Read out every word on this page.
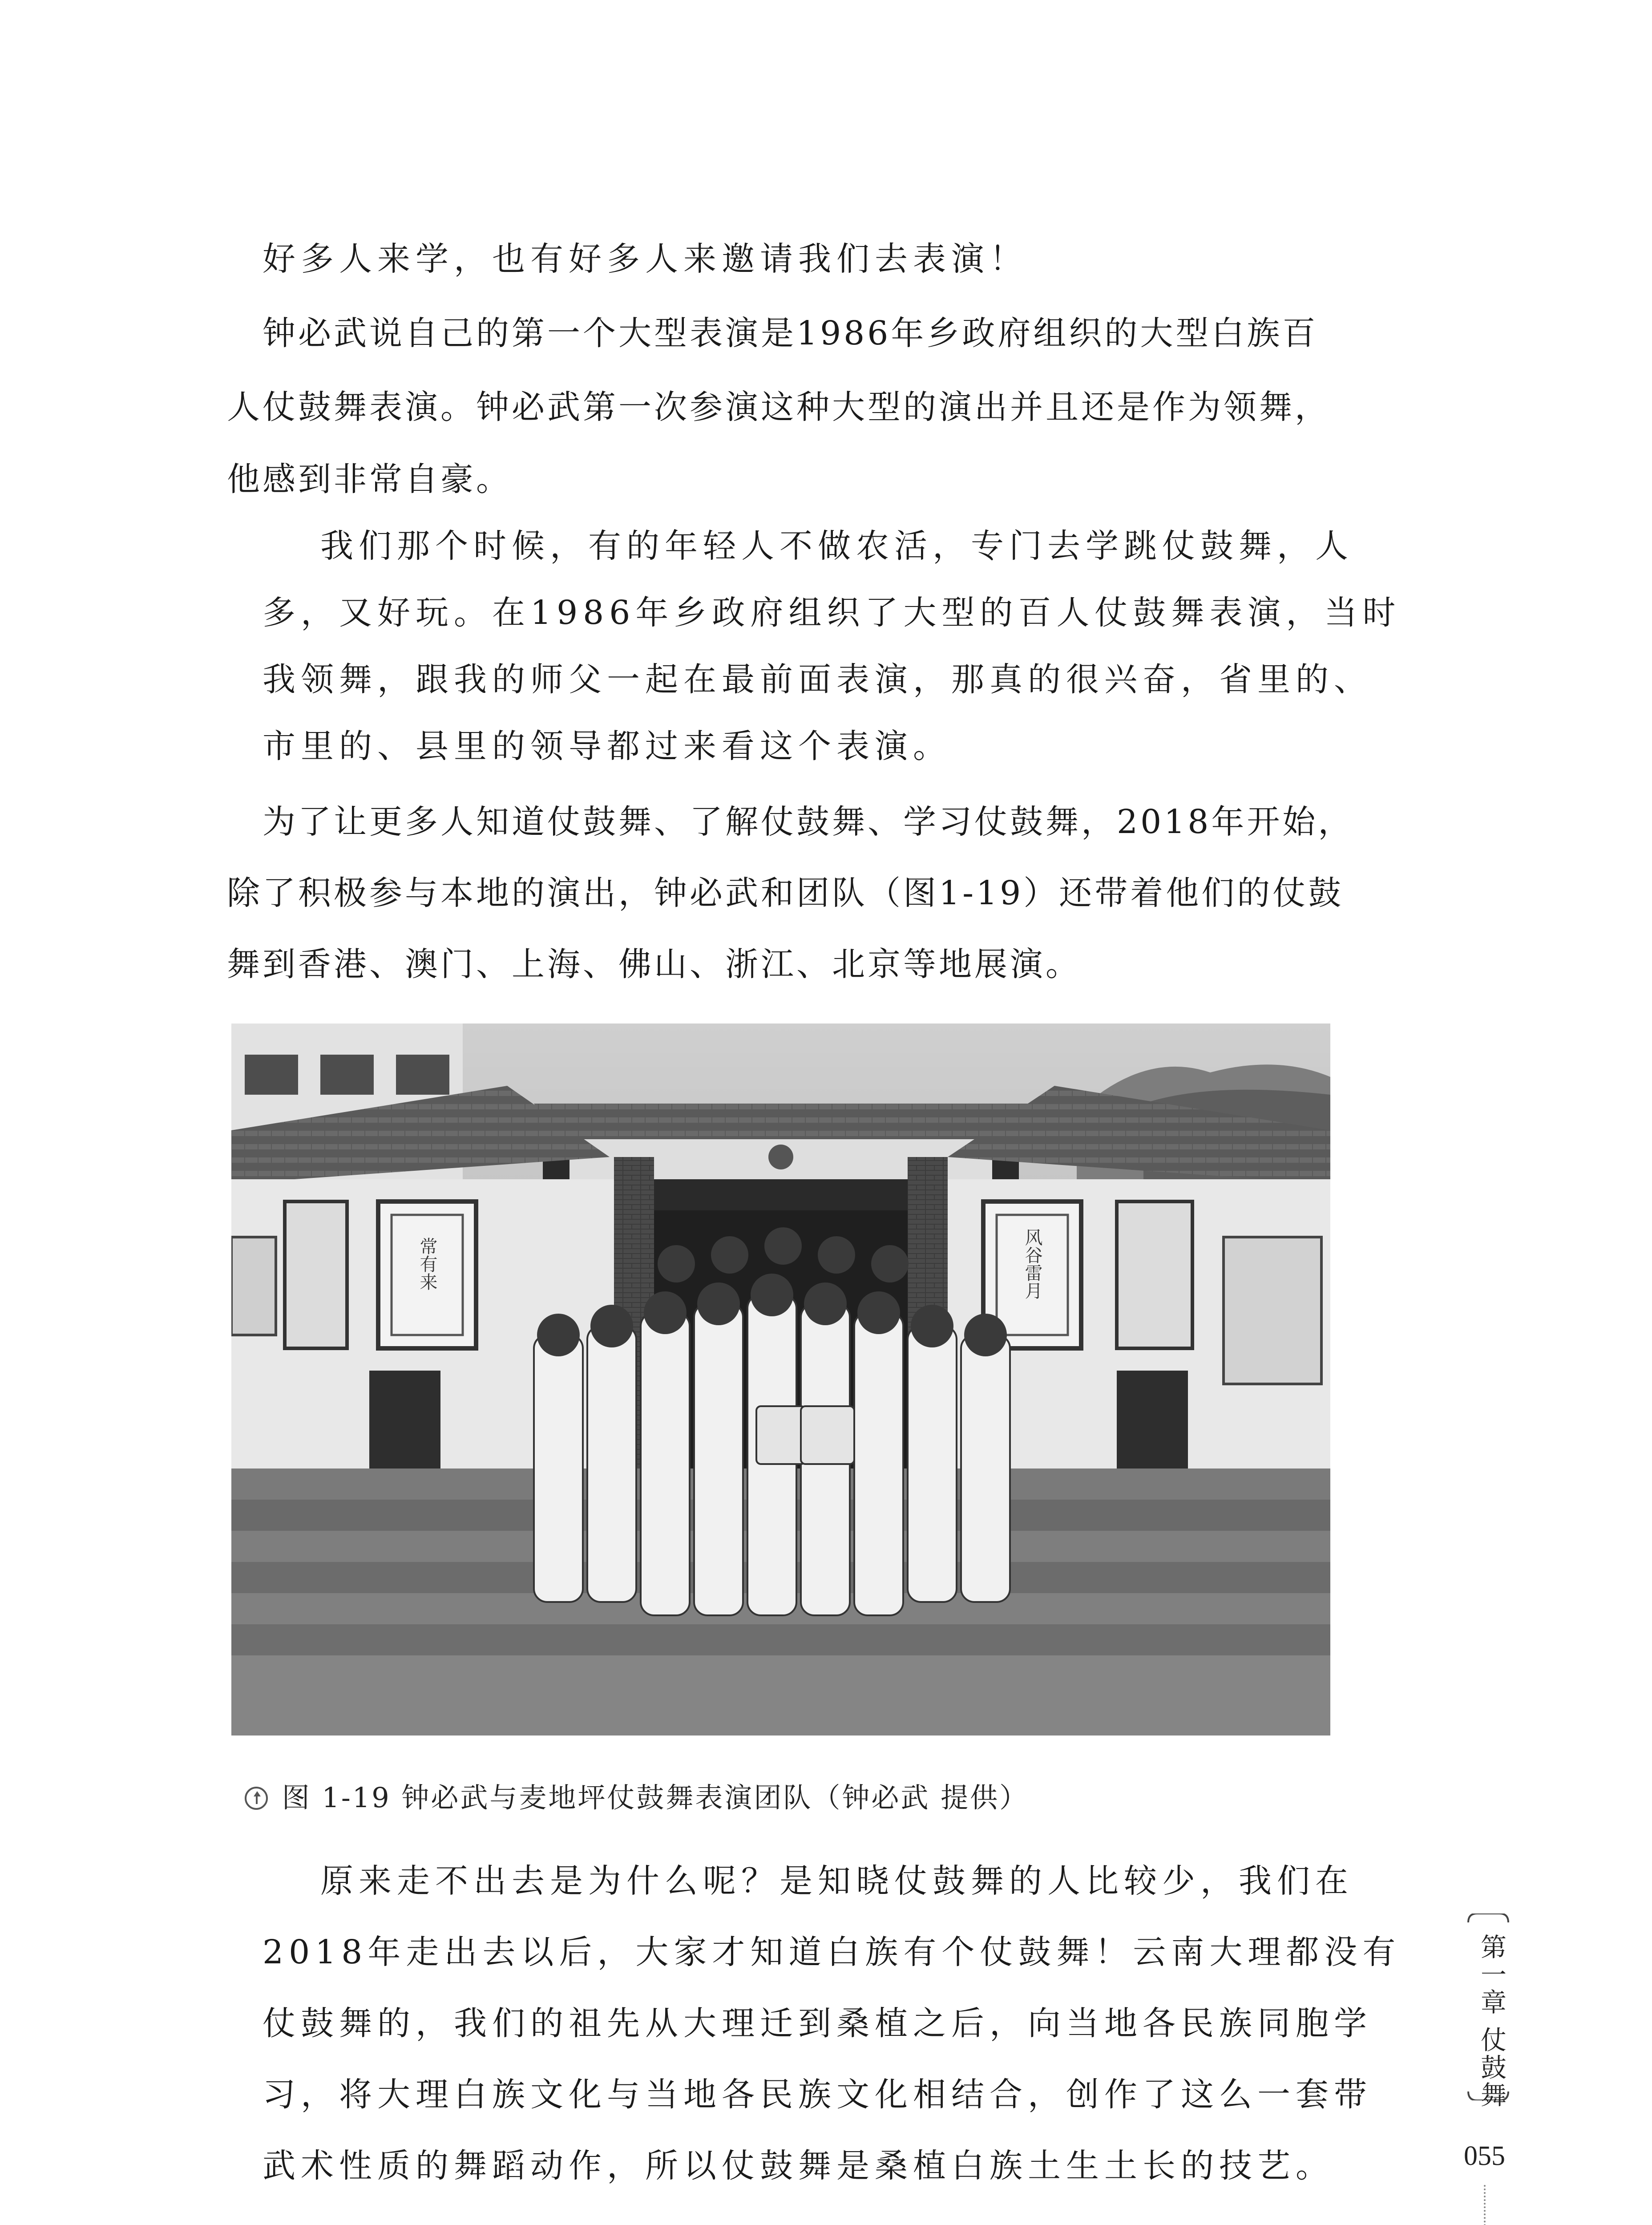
好多人来学，也有好多人来邀请我们去表演！
钟必武说自己的第一个大型表演是1986年乡政府组织的大型白族百
人仗鼓舞表演。钟必武第一次参演这种大型的演出并且还是作为领舞，
他感到非常自豪。
我们那个时候，有的年轻人不做农活，专门去学跳仗鼓舞，人
多，又好玩。在1986年乡政府组织了大型的百人仗鼓舞表演，当时
我领舞，跟我的师父一起在最前面表演，那真的很兴奋，省里的、
市里的、县里的领导都过来看这个表演。
为了让更多人知道仗鼓舞、了解仗鼓舞、学习仗鼓舞，2018年开始，
除了积极参与本地的演出，钟必武和团队（图1-19）还带着他们的仗鼓
舞到香港、澳门、上海、佛山、浙江、北京等地展演。
常有来	风谷雷月
图 1-19 钟必武与麦地坪仗鼓舞表演团队（钟必武 提供）
原来走不出去是为什么呢？是知晓仗鼓舞的人比较少，我们在
2018年走出去以后，大家才知道白族有个仗鼓舞！云南大理都没有
仗鼓舞的，我们的祖先从大理迁到桑植之后，向当地各民族同胞学
习，将大理白族文化与当地各民族文化相结合，创作了这么一套带
武术性质的舞蹈动作，所以仗鼓舞是桑植白族土生土长的技艺。
第一章 仗鼓舞
055
